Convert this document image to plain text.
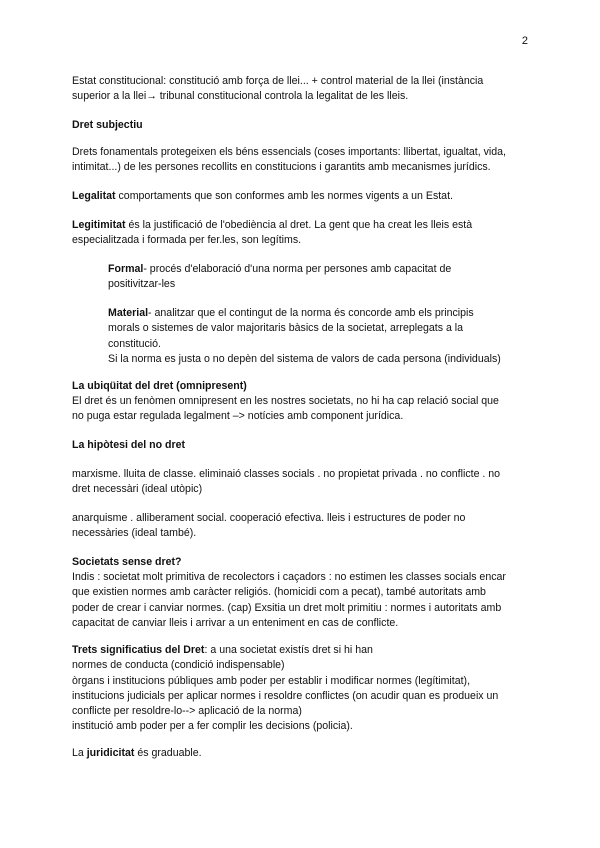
2

Estat constitucional: constitució amb força de llei... + control material de la llei (instància
superior a la llei→ tribunal constitucional controla la legalitat de les lleis.

Dret subjectiu

Drets fonamentals protegeixen els béns essencials (coses importants: llibertat, igualtat, vida,
intimitat...) de les persones recollits en constitucions i garantits amb mecanismes jurídics.

Legalitat comportaments que son conformes amb les normes vigents a un Estat.

Legitimitat és la justificació de l'obediència al dret. La gent que ha creat les lleis està
especialitzada i formada per fer.les, son legítims.

Formal- procés d'elaboració d'una norma per persones amb capacitat de
positivitzar-les

Material- analitzar que el contingut de la norma és concorde amb els principis
morals o sistemes de valor majoritaris bàsics de la societat, arreplegats a la
constitució.
Si la norma es justa o no depèn del sistema de valors de cada persona (individuals)

La ubiqüitat del dret (omnipresent)

El dret és un fenòmen omnipresent en les nostres societats, no hi ha cap relació social que
no puga estar regulada legalment –> notícies amb component jurídica.

La hipòtesi del no dret

marxisme. lluita de classe. eliminaió classes socials . no propietat privada . no conflicte . no
dret necessàri (ideal utòpic)

anarquisme . alliberament social. cooperació efectiva. lleis i estructures de poder no
necessàries (ideal també).

Societats sense dret?

Indis : societat molt primitiva de recolectors i caçadors : no estimen les classes socials encar
que existien normes amb caràcter religiós. (homicidi com a pecat), també autoritats amb
poder de crear i canviar normes. (cap) Exsitia un dret molt primitiu : normes i autoritats amb
capacitat de canviar lleis i arrivar a un enteniment en cas de conflicte.

Trets significatius del Dret: a una societat existís dret si hi han
normes de conducta (condició indispensable)
òrgans i institucions públiques amb poder per establir i modificar normes (legítimitat),
institucions judicials per aplicar normes i resoldre conflictes (on acudir quan es produeix un
conflicte per resoldre-lo--> aplicació de la norma)
institució amb poder per a fer complir les decisions (policia).

La juridicitat és graduable.
